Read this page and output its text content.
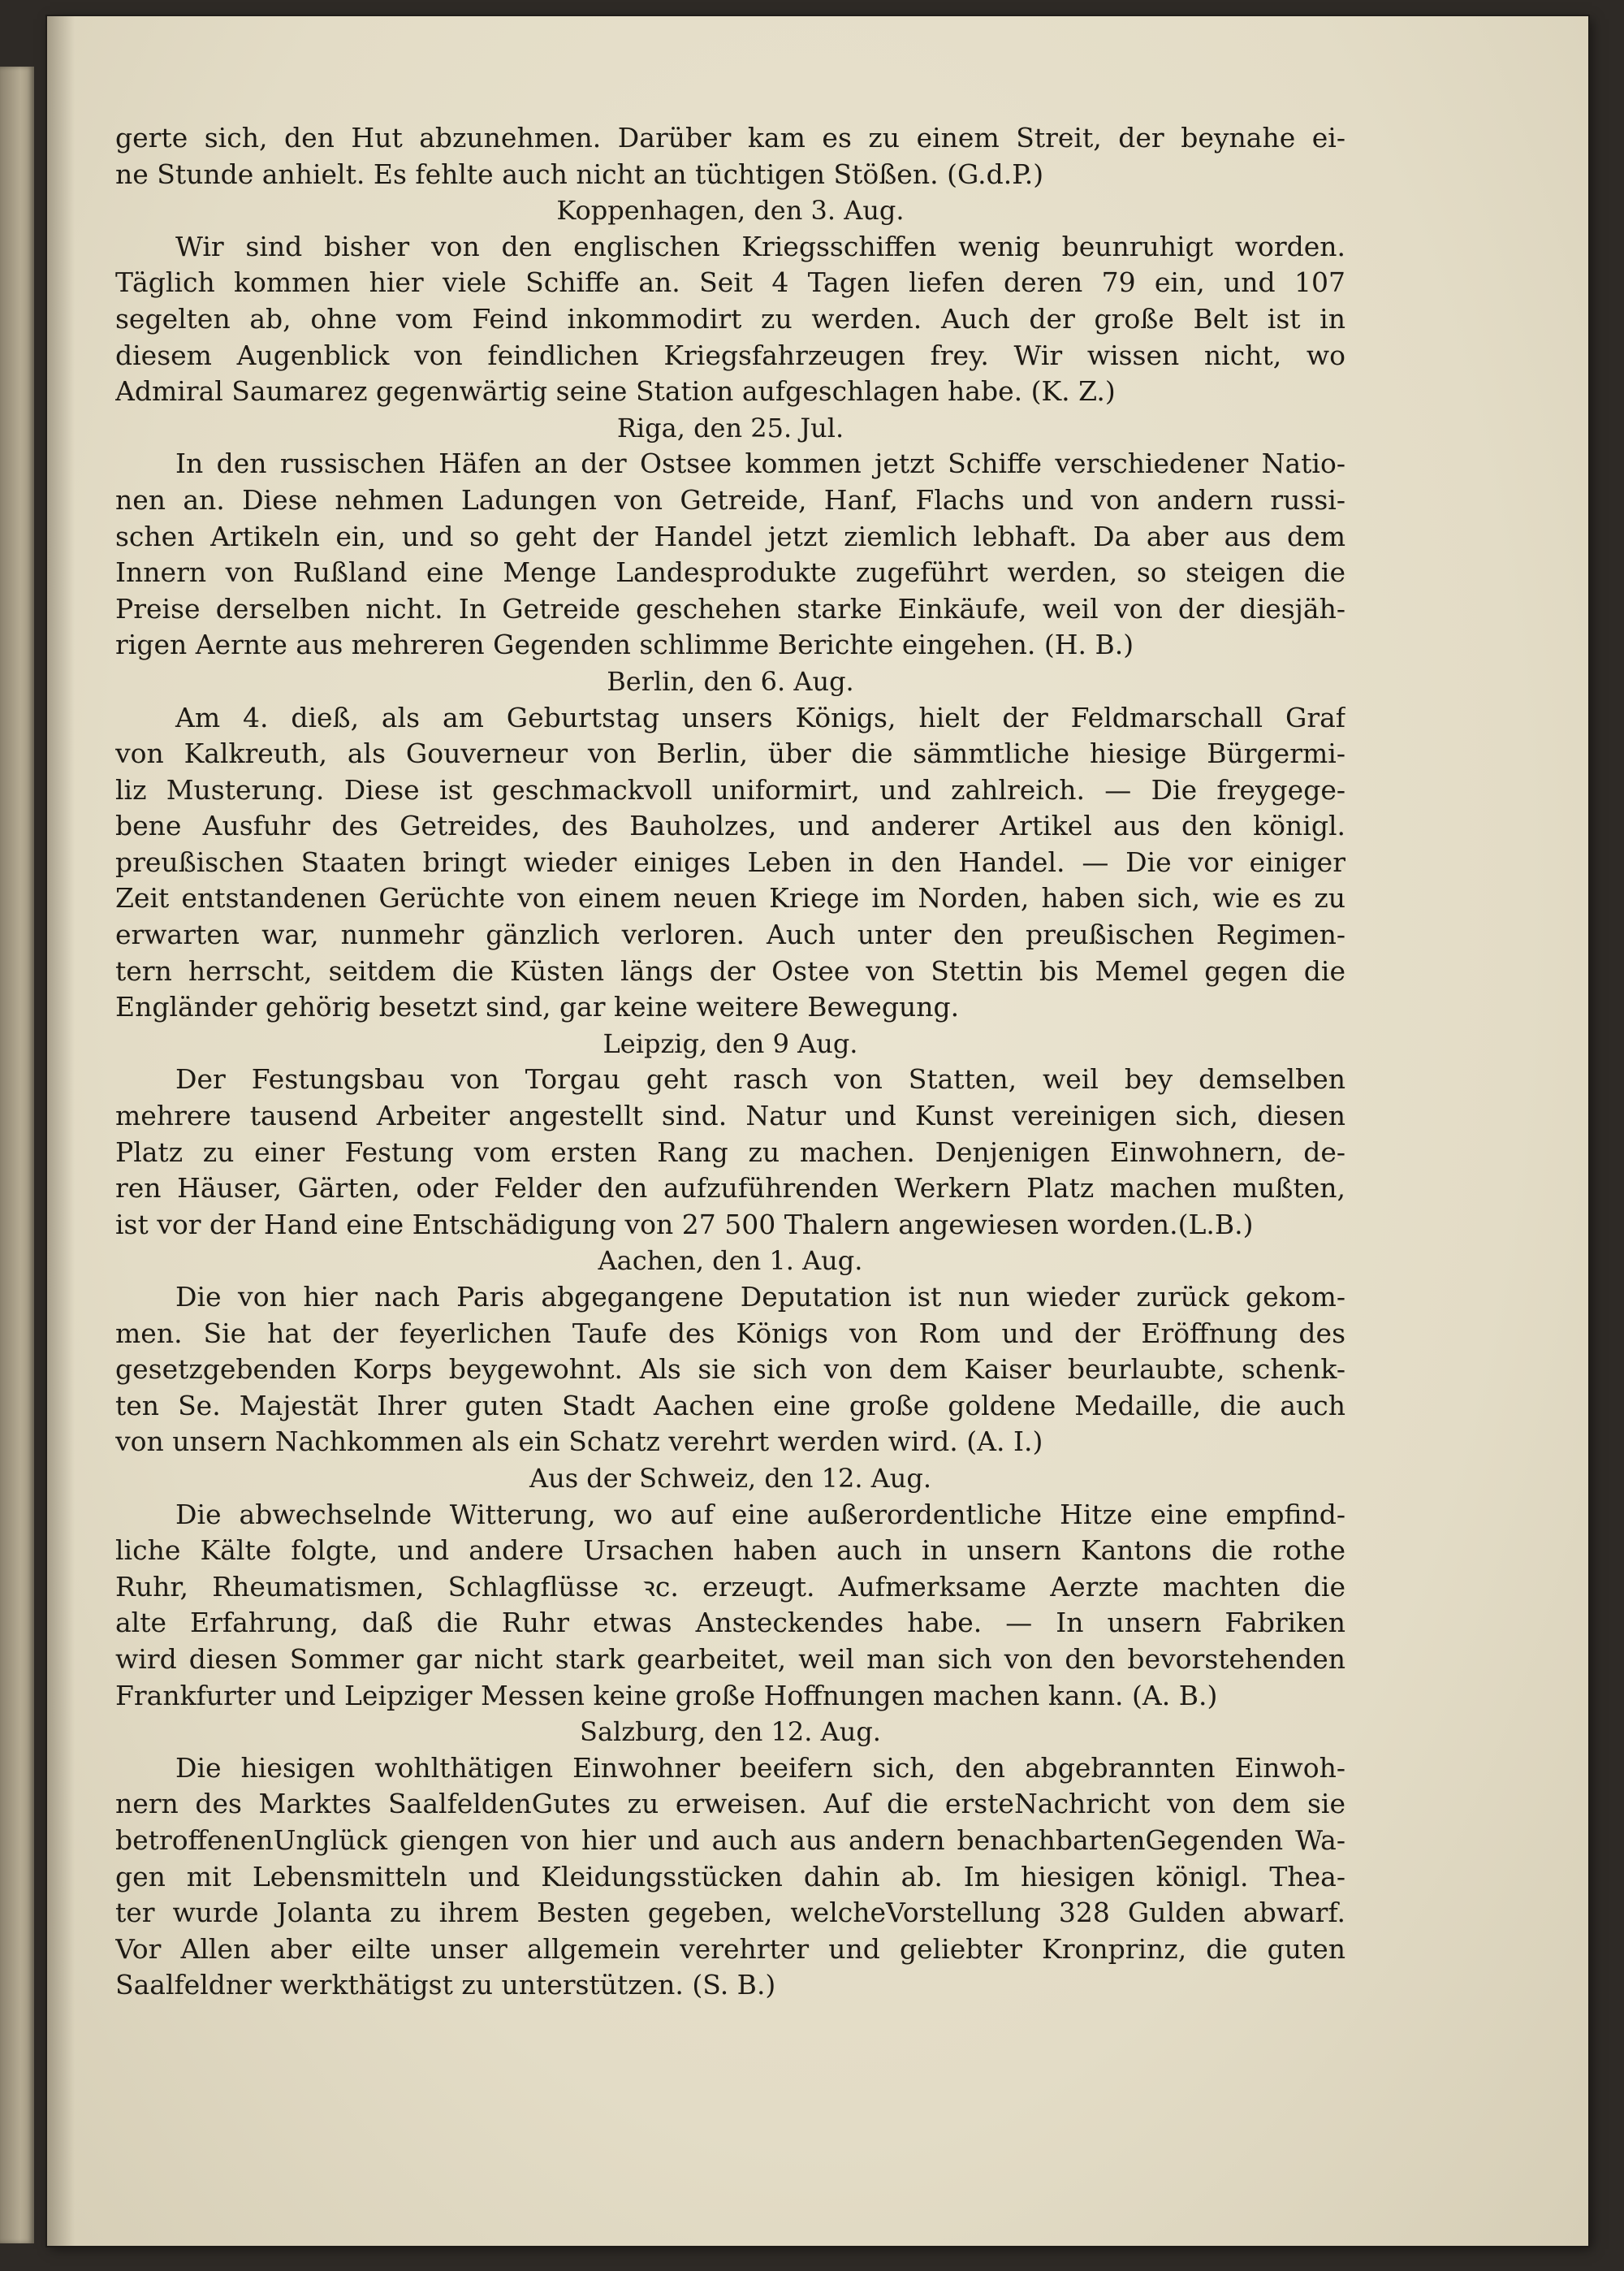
gerte sich, den Hut abzunehmen. Darüber kam es zu einem Streit, der beynahe ei-
ne Stunde anhielt. Es fehlte auch nicht an tüchtigen Stößen. (G.d.P.)
Koppenhagen, den 3. Aug.
Wir sind bisher von den englischen Kriegsschiffen wenig beunruhigt worden.
Täglich kommen hier viele Schiffe an. Seit 4 Tagen liefen deren 79 ein, und 107
segelten ab, ohne vom Feind inkommodirt zu werden. Auch der große Belt ist in
diesem Augenblick von feindlichen Kriegsfahrzeugen frey. Wir wissen nicht, wo
Admiral Saumarez gegenwärtig seine Station aufgeschlagen habe. (K. Z.)
Riga, den 25. Jul.
In den russischen Häfen an der Ostsee kommen jetzt Schiffe verschiedener Natio-
nen an. Diese nehmen Ladungen von Getreide, Hanf, Flachs und von andern russi-
schen Artikeln ein, und so geht der Handel jetzt ziemlich lebhaft. Da aber aus dem
Innern von Rußland eine Menge Landesprodukte zugeführt werden, so steigen die
Preise derselben nicht. In Getreide geschehen starke Einkäufe, weil von der diesjäh-
rigen Aernte aus mehreren Gegenden schlimme Berichte eingehen. (H. B.)
Berlin, den 6. Aug.
Am 4. dieß, als am Geburtstag unsers Königs, hielt der Feldmarschall Graf
von Kalkreuth, als Gouverneur von Berlin, über die sämmtliche hiesige Bürgermi-
liz Musterung. Diese ist geschmackvoll uniformirt, und zahlreich. — Die freygege-
bene Ausfuhr des Getreides, des Bauholzes, und anderer Artikel aus den königl.
preußischen Staaten bringt wieder einiges Leben in den Handel. — Die vor einiger
Zeit entstandenen Gerüchte von einem neuen Kriege im Norden, haben sich, wie es zu
erwarten war, nunmehr gänzlich verloren. Auch unter den preußischen Regimen-
tern herrscht, seitdem die Küsten längs der Ostee von Stettin bis Memel gegen die
Engländer gehörig besetzt sind, gar keine weitere Bewegung.
Leipzig, den 9 Aug.
Der Festungsbau von Torgau geht rasch von Statten, weil bey demselben
mehrere tausend Arbeiter angestellt sind. Natur und Kunst vereinigen sich, diesen
Platz zu einer Festung vom ersten Rang zu machen. Denjenigen Einwohnern, de-
ren Häuser, Gärten, oder Felder den aufzuführenden Werkern Platz machen mußten,
ist vor der Hand eine Entschädigung von 27 500 Thalern angewiesen worden.(L.B.)
Aachen, den 1. Aug.
Die von hier nach Paris abgegangene Deputation ist nun wieder zurück gekom-
men. Sie hat der feyerlichen Taufe des Königs von Rom und der Eröffnung des
gesetzgebenden Korps beygewohnt. Als sie sich von dem Kaiser beurlaubte, schenk-
ten Se. Majestät Ihrer guten Stadt Aachen eine große goldene Medaille, die auch
von unsern Nachkommen als ein Schatz verehrt werden wird. (A. I.)
Aus der Schweiz, den 12. Aug.
Die abwechselnde Witterung, wo auf eine außerordentliche Hitze eine empfind-
liche Kälte folgte, und andere Ursachen haben auch in unsern Kantons die rothe
Ruhr, Rheumatismen, Schlagflüsse ꝛc. erzeugt. Aufmerksame Aerzte machten die
alte Erfahrung, daß die Ruhr etwas Ansteckendes habe. — In unsern Fabriken
wird diesen Sommer gar nicht stark gearbeitet, weil man sich von den bevorstehenden
Frankfurter und Leipziger Messen keine große Hoffnungen machen kann. (A. B.)
Salzburg, den 12. Aug.
Die hiesigen wohlthätigen Einwohner beeifern sich, den abgebrannten Einwoh-
nern des Marktes SaalfeldenGutes zu erweisen. Auf die ersteNachricht von dem sie
betroffenenUnglück giengen von hier und auch aus andern benachbartenGegenden Wa-
gen mit Lebensmitteln und Kleidungsstücken dahin ab. Im hiesigen königl. Thea-
ter wurde Jolanta zu ihrem Besten gegeben, welcheVorstellung 328 Gulden abwarf.
Vor Allen aber eilte unser allgemein verehrter und geliebter Kronprinz, die guten
Saalfeldner werkthätigst zu unterstützen. (S. B.)
